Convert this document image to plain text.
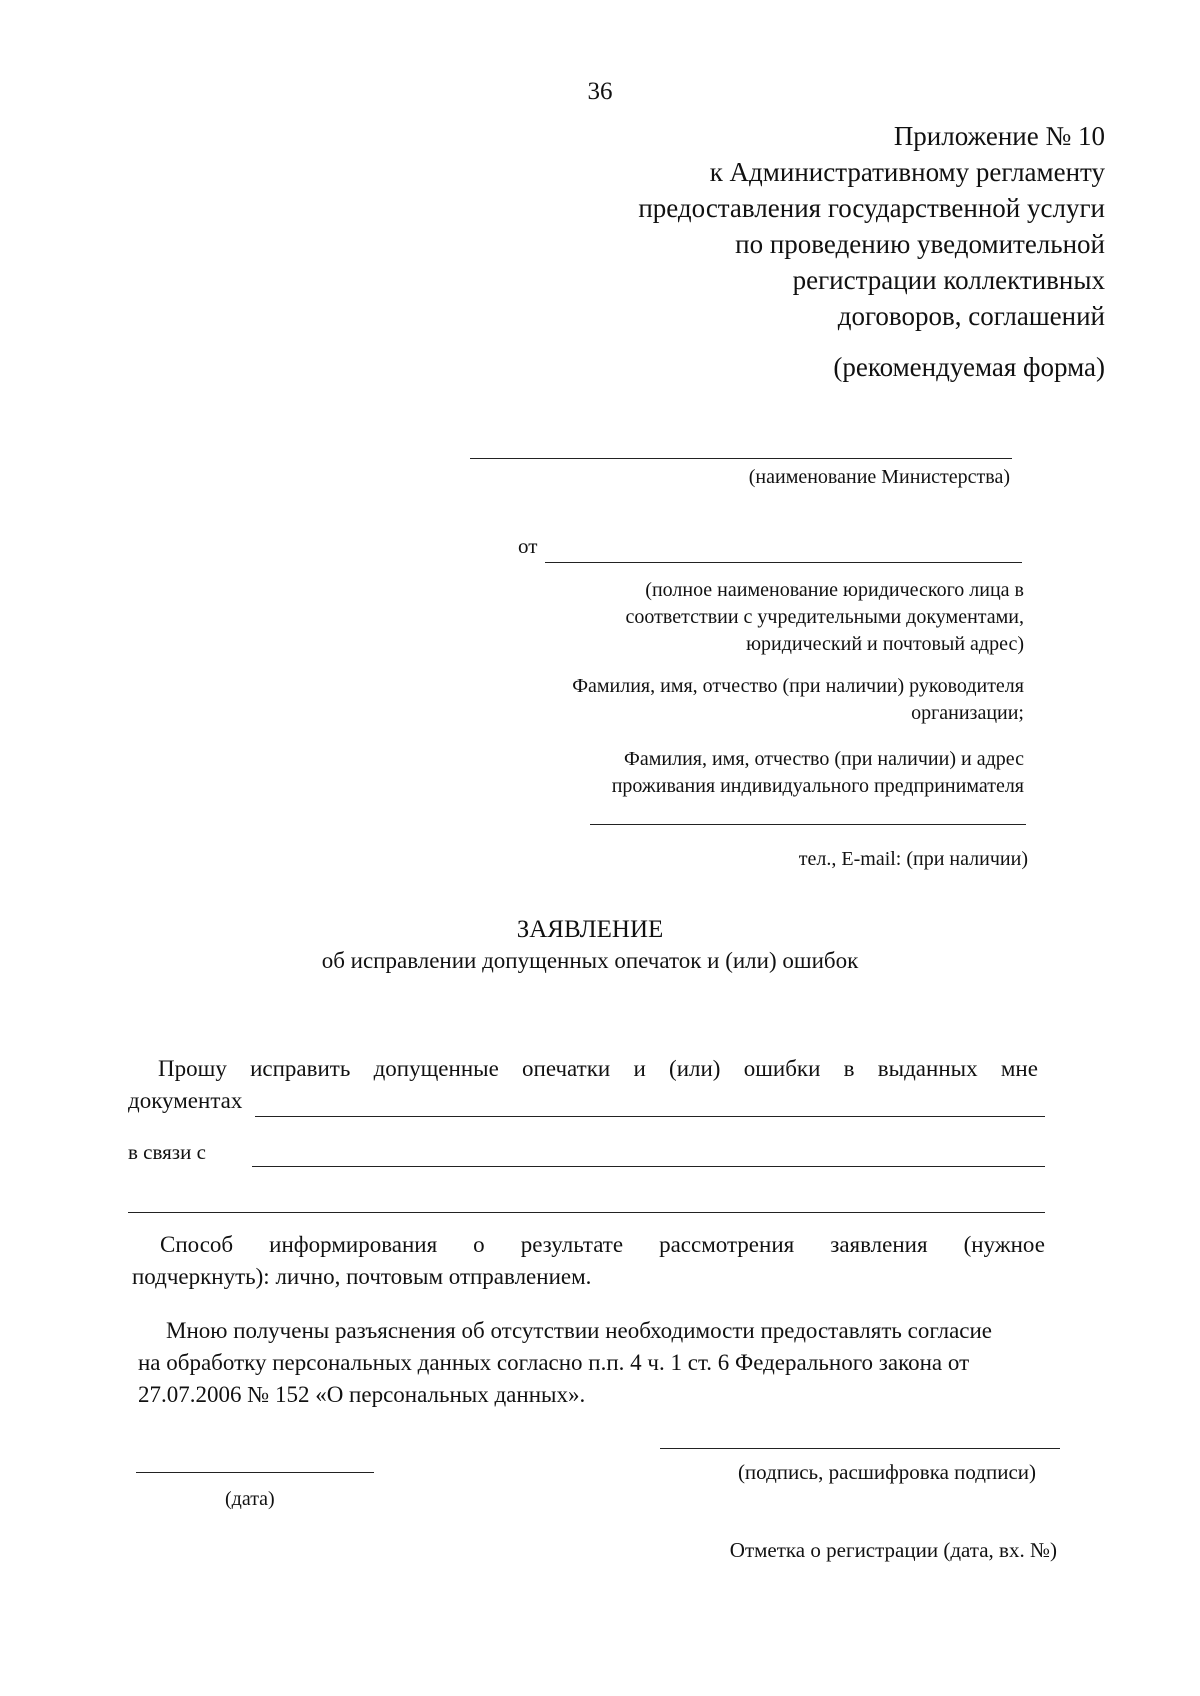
36
Приложение № 10
к Административному регламенту
предоставления государственной услуги
по проведению уведомительной
регистрации коллективных
договоров, соглашений
(рекомендуемая форма)
(наименование Министерства)
от
(полное наименование юридического лица в
соответствии с учредительными документами,
юридический и почтовый адрес)
Фамилия, имя, отчество (при наличии) руководителя
организации;
Фамилия, имя, отчество (при наличии) и адрес
проживания индивидуального предпринимателя
тел., E-mail: (при наличии)
ЗАЯВЛЕНИЕ
об исправлении допущенных опечаток и (или) ошибок
Прошу исправить допущенные опечатки и (или) ошибки в выданных мне
документах
в связи с
Способ информирования о результате рассмотрения заявления (нужное
подчеркнуть): лично, почтовым отправлением.
Мною получены разъяснения об отсутствии необходимости предоставлять согласие
на обработку персональных данных согласно п.п. 4 ч. 1 ст. 6 Федерального закона от
27.07.2006 № 152 «О персональных данных».
(дата)
(подпись, расшифровка подписи)
Отметка о регистрации (дата, вх. №)
